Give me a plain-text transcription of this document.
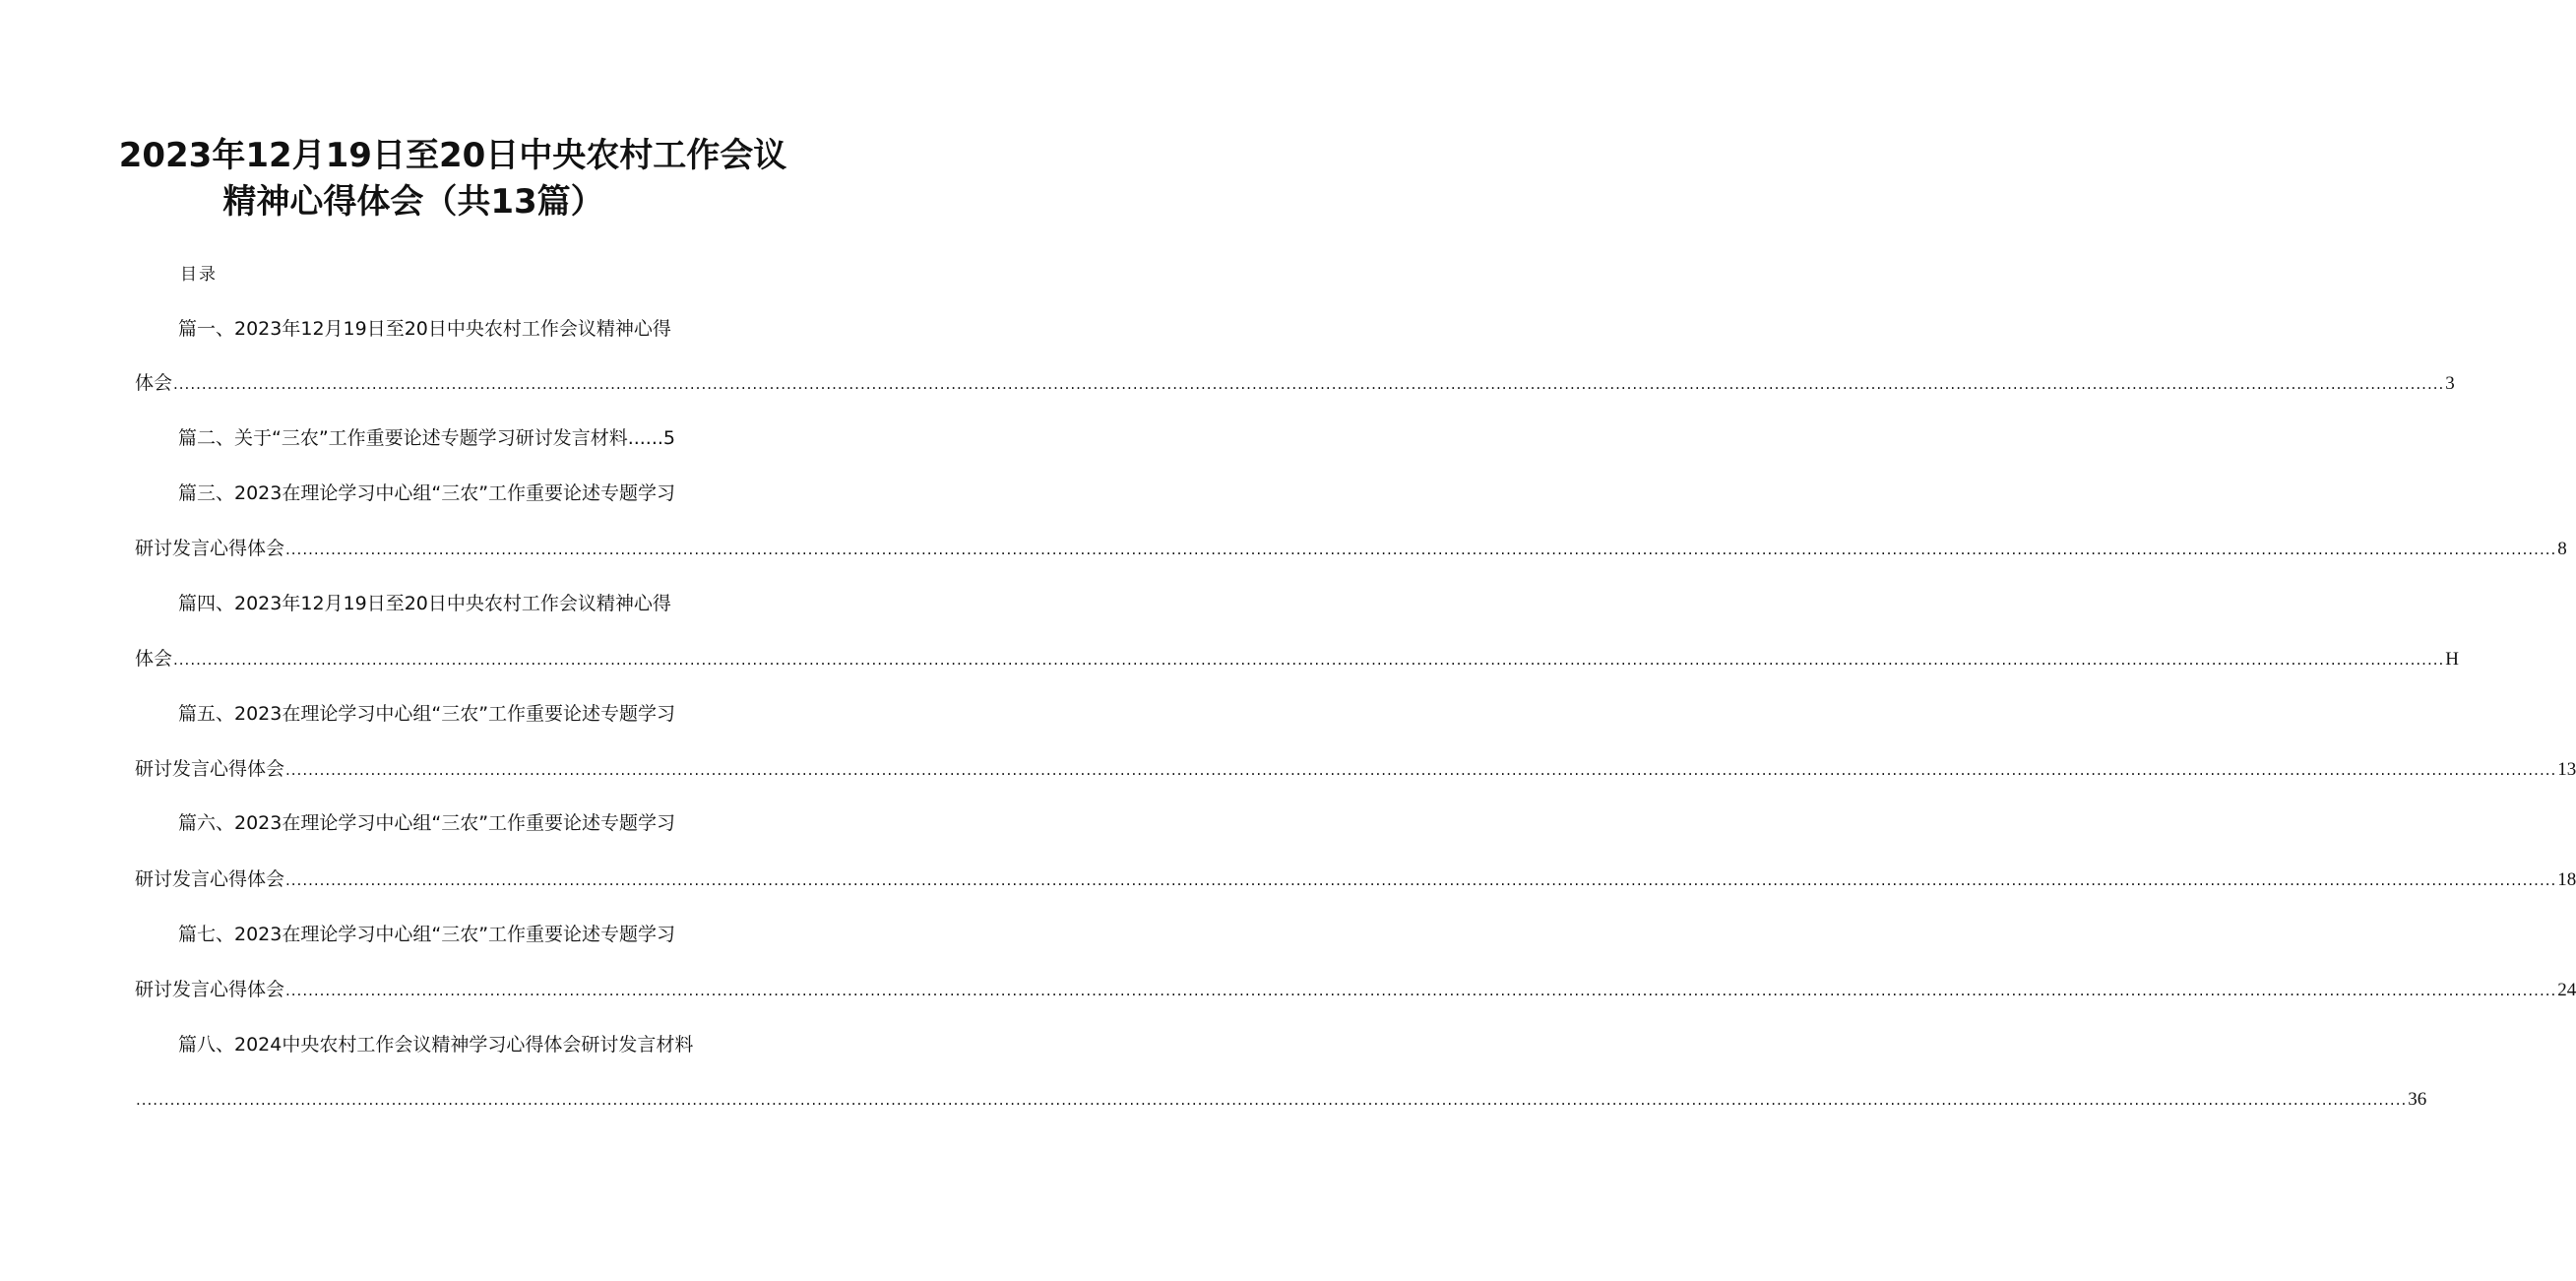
2023年12月19日至20日中央农村工作会议
精神心得体会（共13篇）
目录
篇一、2023年12月19日至20日中央农村工作会议精神心得
体会 ................................................................................................................................................................................................................................................................................................................................................................................................................ 3
篇二、关于“三农”工作重要论述专题学习研讨发言材料......5
篇三、2023在理论学习中心组“三农”工作重要论述专题学习
研讨发言心得体会 ................................................................................................................................................................................................................................................................................................................................................................................................................ 8
篇四、2023年12月19日至20日中央农村工作会议精神心得
体会 ................................................................................................................................................................................................................................................................................................................................................................................................................ H
篇五、2023在理论学习中心组“三农”工作重要论述专题学习
研讨发言心得体会 ................................................................................................................................................................................................................................................................................................................................................................................................................ 13
篇六、2023在理论学习中心组“三农”工作重要论述专题学习
研讨发言心得体会 ................................................................................................................................................................................................................................................................................................................................................................................................................ 18
篇七、2023在理论学习中心组“三农”工作重要论述专题学习
研讨发言心得体会 ................................................................................................................................................................................................................................................................................................................................................................................................................ 24
篇八、2024中央农村工作会议精神学习心得体会研讨发言材料
................................................................................................................................................................................................................................................................................................................................................................................................................ 36
